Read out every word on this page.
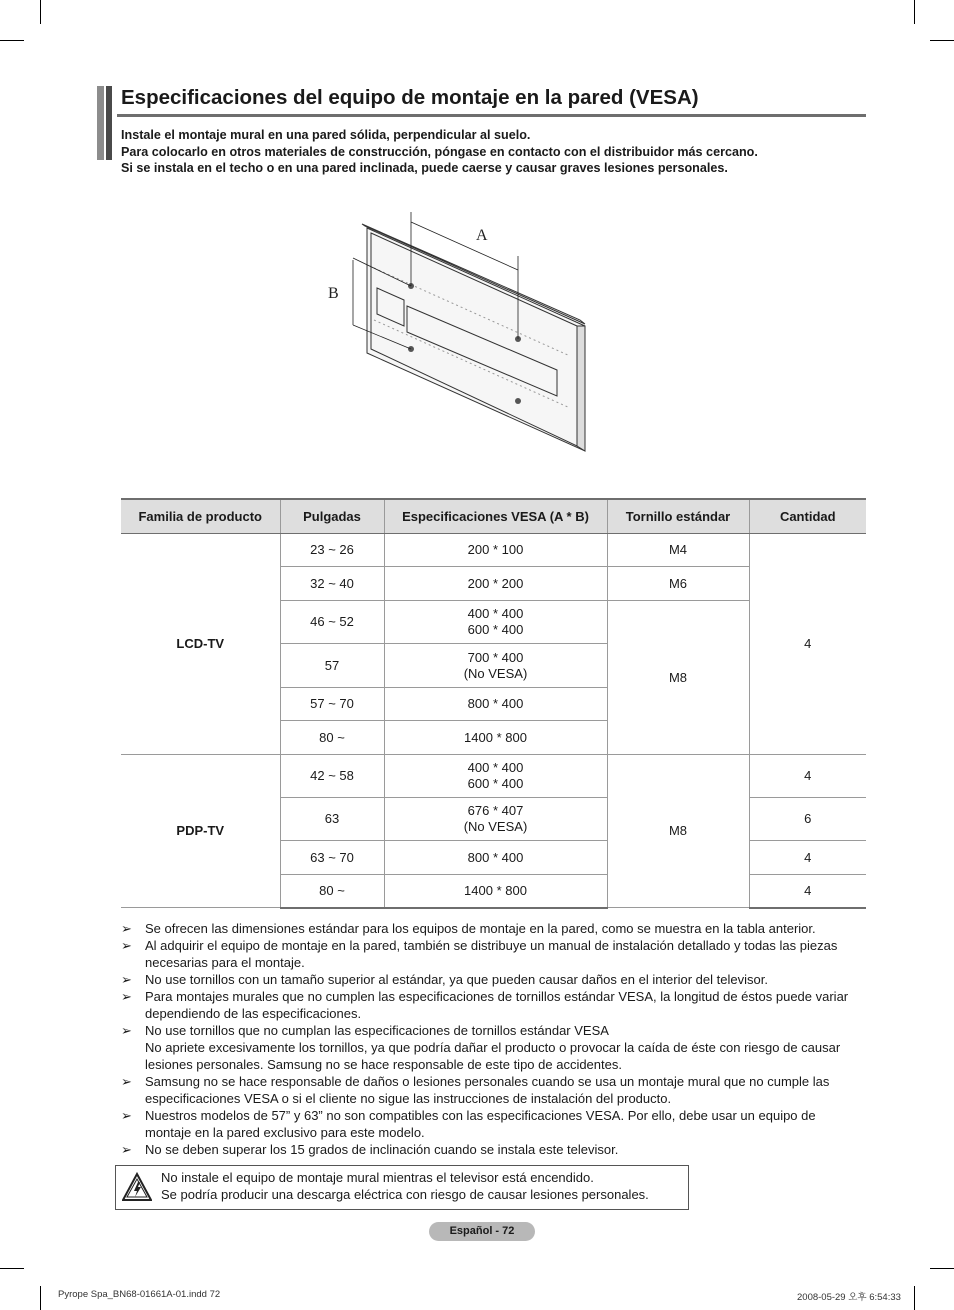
Especificaciones del equipo de montaje en la pared (VESA)
Instale el montaje mural en una pared sólida, perpendicular al suelo.
Para colocarlo en otros materiales de construcción, póngase en contacto con el distribuidor más cercano.
Si se instala en el techo o en una pared inclinada, puede caerse y causar graves lesiones personales.
A
B
Familia de producto	Pulgadas	Especificaciones VESA (A * B)	Tornillo estándar	Cantidad
LCD-TV	23 ~ 26	200 * 100	M4	4
	32 ~ 40	200 * 200	M6	
	46 ~ 52	400 * 400
600 * 400	M8	
	57	700 * 400
(No VESA)		

	57 ~ 70	800 * 400		
	80 ~	1400 * 800		
PDP-TV	42 ~ 58	400 * 400
600 * 400	M8	4
	63	676 * 407
(No VESA)		6
	63 ~ 70	800 * 400		4
	80 ~	1400 * 800		4
➢ Se ofrecen las dimensiones estándar para los equipos de montaje en la pared, como se muestra en la tabla anterior.
➢ Al adquirir el equipo de montaje en la pared, también se distribuye un manual de instalación detallado y todas las piezas necesarias para el montaje.
➢ No use tornillos con un tamaño superior al estándar, ya que pueden causar daños en el interior del televisor.
➢ Para montajes murales que no cumplen las especificaciones de tornillos estándar VESA, la longitud de éstos puede variar dependiendo de las especificaciones.
➢ No use tornillos que no cumplan las especificaciones de tornillos estándar VESA
No apriete excesivamente los tornillos, ya que podría dañar el producto o provocar la caída de éste con riesgo de causar lesiones personales. Samsung no se hace responsable de este tipo de accidentes.
➢ Samsung no se hace responsable de daños o lesiones personales cuando se usa un montaje mural que no cumple las especificaciones VESA o si el cliente no sigue las instrucciones de instalación del producto.
➢ Nuestros modelos de 57” y 63” no son compatibles con las especificaciones VESA. Por ello, debe usar un equipo de montaje en la pared exclusivo para este modelo.
➢ No se deben superar los 15 grados de inclinación cuando se instala este televisor.
No instale el equipo de montaje mural mientras el televisor está encendido.
Se podría producir una descarga eléctrica con riesgo de causar lesiones personales.
Español - 72
Pyrope Spa_BN68-01661A-01.indd 72	2008-05-29 오후 6:54:33
